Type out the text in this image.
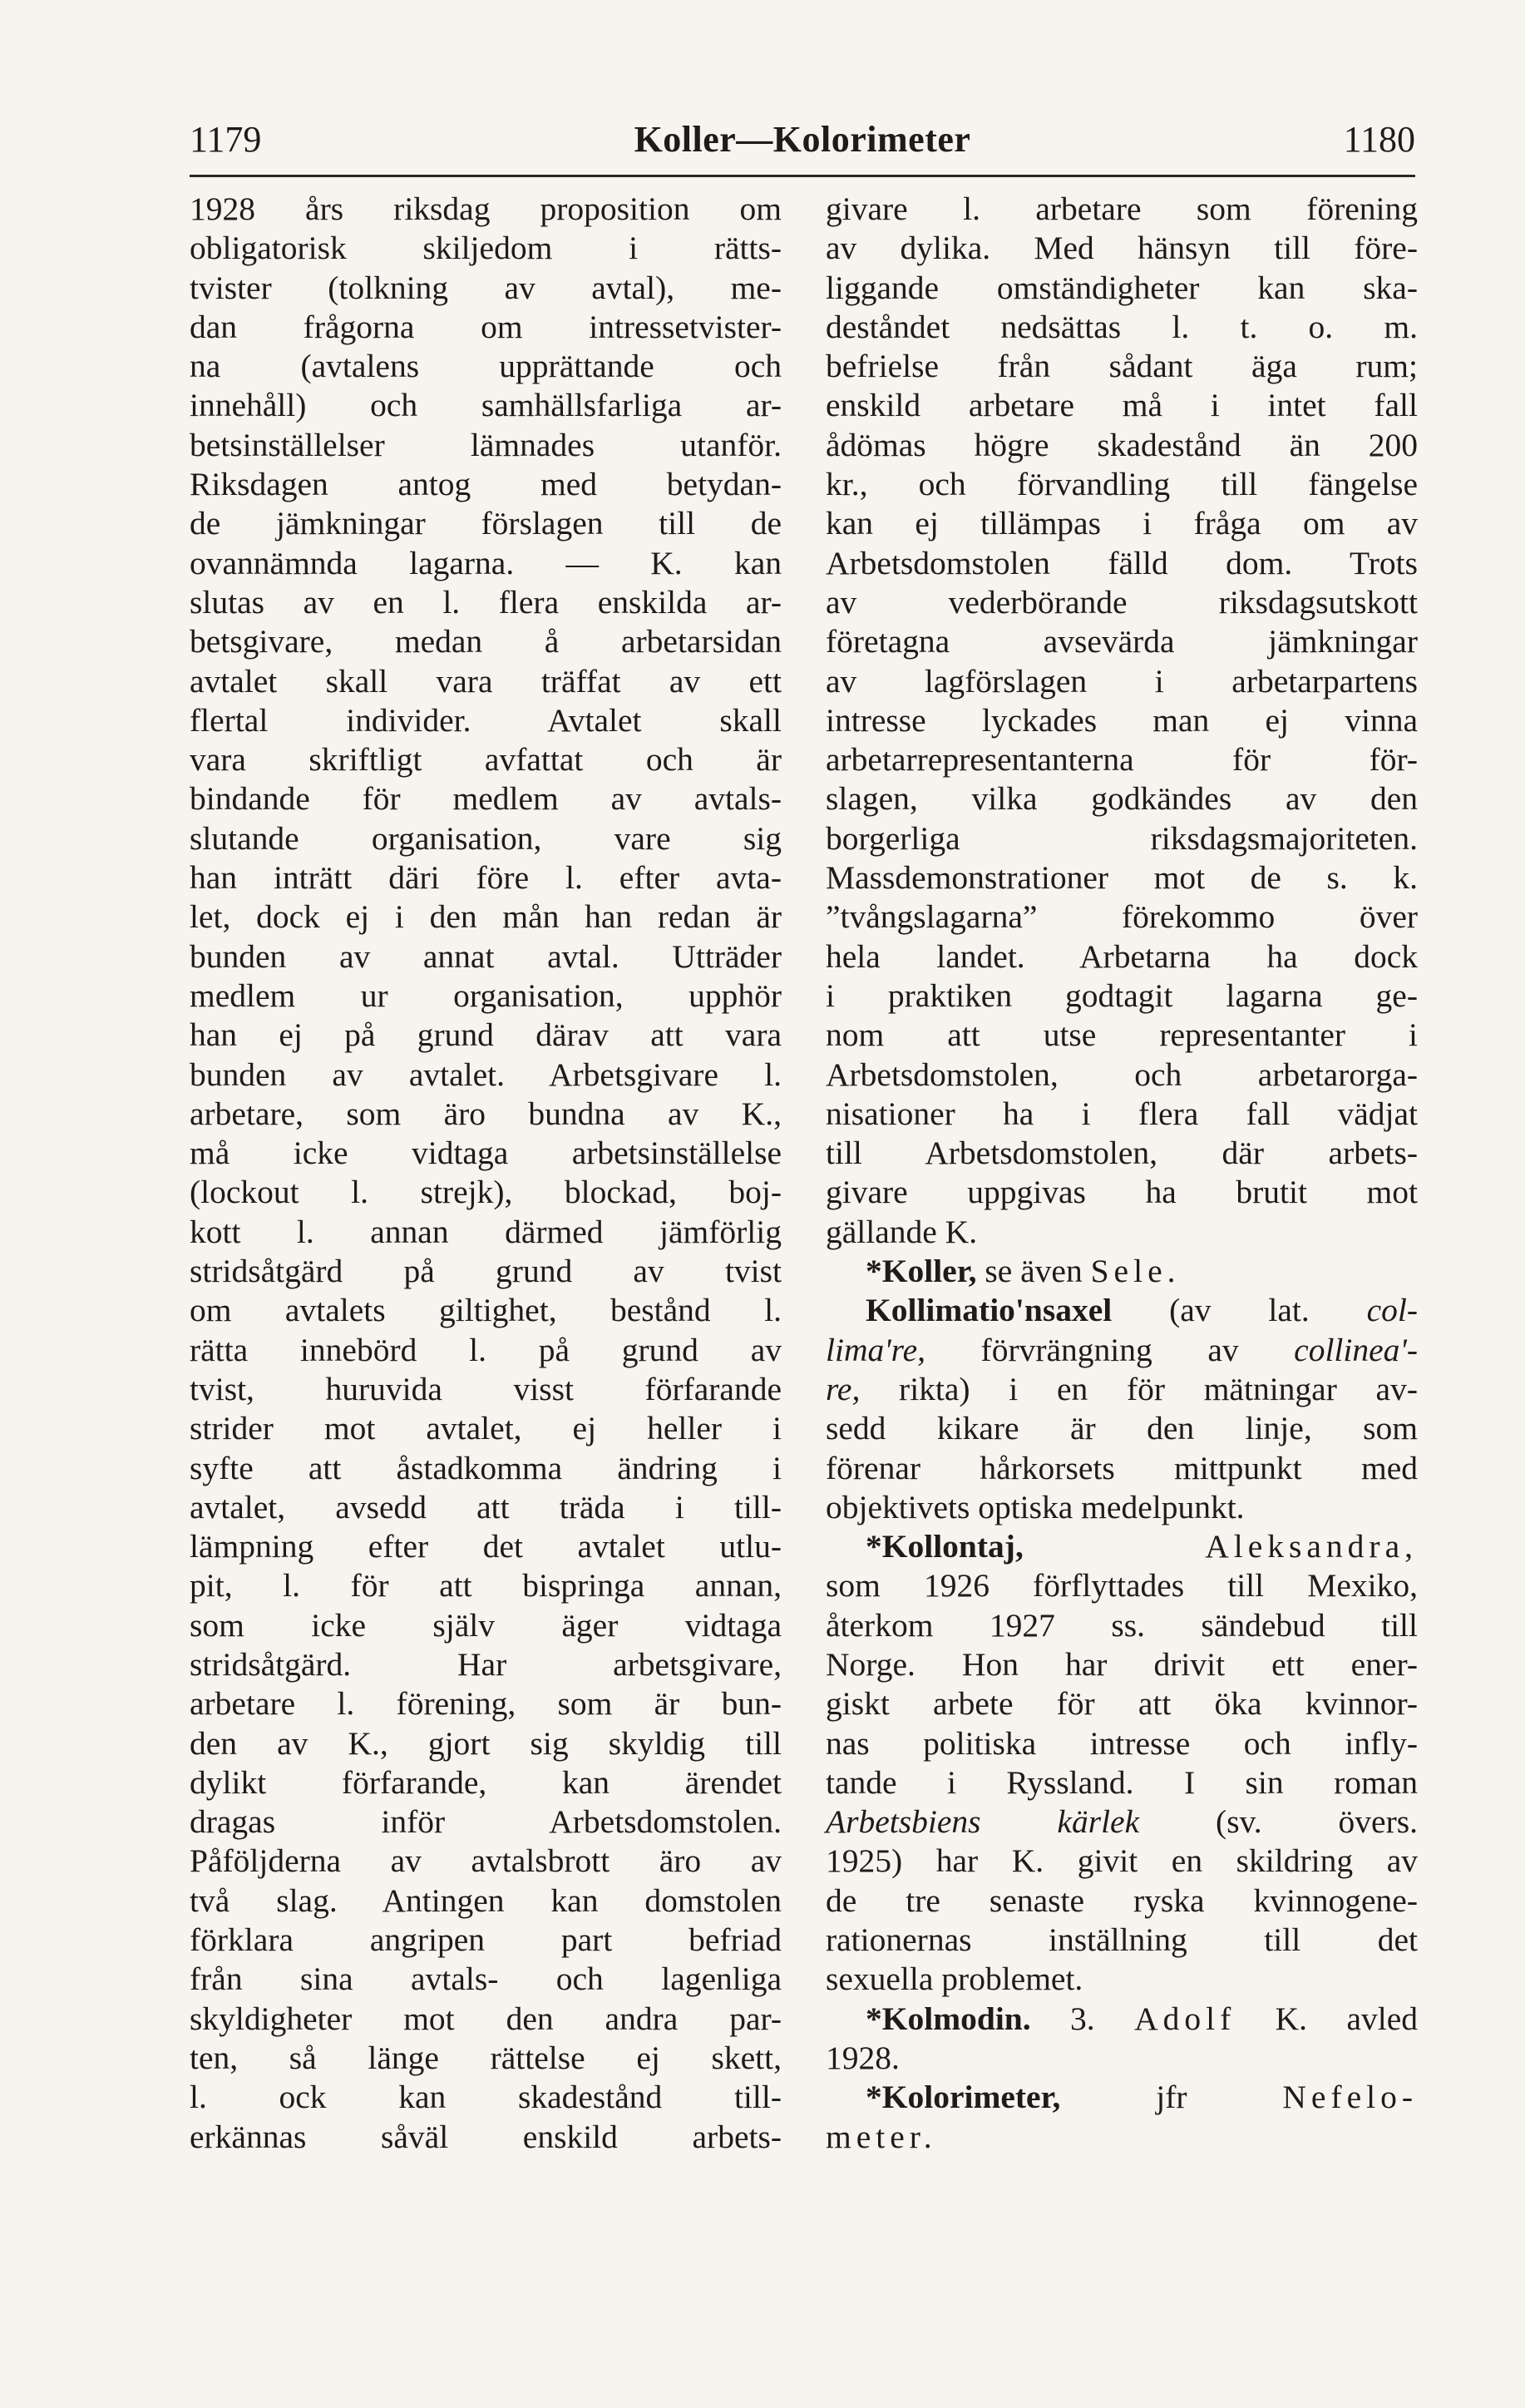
1179	Koller—Kolorimeter	1180
1928 års riksdag proposition om
obligatorisk skiljedom i rätts-
tvister (tolkning av avtal), me-
dan frågorna om intressetvister-
na (avtalens upprättande och
innehåll) och samhällsfarliga ar-
betsinställelser lämnades utanför.
Riksdagen antog med betydan-
de jämkningar förslagen till de
ovannämnda lagarna. — K. kan
slutas av en l. flera enskilda ar-
betsgivare, medan å arbetarsidan
avtalet skall vara träffat av ett
flertal individer. Avtalet skall
vara skriftligt avfattat och är
bindande för medlem av avtals-
slutande organisation, vare sig
han inträtt däri före l. efter avta-
let, dock ej i den mån han redan är
bunden av annat avtal. Utträder
medlem ur organisation, upphör
han ej på grund därav att vara
bunden av avtalet. Arbetsgivare l.
arbetare, som äro bundna av K.,
må icke vidtaga arbetsinställelse
(lockout l. strejk), blockad, boj-
kott l. annan därmed jämförlig
stridsåtgärd på grund av tvist
om avtalets giltighet, bestånd l.
rätta innebörd l. på grund av
tvist, huruvida visst förfarande
strider mot avtalet, ej heller i
syfte att åstadkomma ändring i
avtalet, avsedd att träda i till-
lämpning efter det avtalet utlu-
pit, l. för att bispringa annan,
som icke själv äger vidtaga
stridsåtgärd. Har arbetsgivare,
arbetare l. förening, som är bun-
den av K., gjort sig skyldig till
dylikt förfarande, kan ärendet
dragas inför Arbetsdomstolen.
Påföljderna av avtalsbrott äro av
två slag. Antingen kan domstolen
förklara angripen part befriad
från sina avtals- och lagenliga
skyldigheter mot den andra par-
ten, så länge rättelse ej skett,
l. ock kan skadestånd till-
erkännas såväl enskild arbets-
givare l. arbetare som förening
av dylika. Med hänsyn till före-
liggande omständigheter kan ska-
deståndet nedsättas l. t. o. m.
befrielse från sådant äga rum;
enskild arbetare må i intet fall
ådömas högre skadestånd än 200
kr., och förvandling till fängelse
kan ej tillämpas i fråga om av
Arbetsdomstolen fälld dom. Trots
av vederbörande riksdagsutskott
företagna avsevärda jämkningar
av lagförslagen i arbetarpartens
intresse lyckades man ej vinna
arbetarrepresentanterna för för-
slagen, vilka godkändes av den
borgerliga riksdagsmajoriteten.
Massdemonstrationer mot de s. k.
”tvångslagarna” förekommo över
hela landet. Arbetarna ha dock
i praktiken godtagit lagarna ge-
nom att utse representanter i
Arbetsdomstolen, och arbetarorga-
nisationer ha i flera fall vädjat
till Arbetsdomstolen, där arbets-
givare uppgivas ha brutit mot
gällande K.
*Koller, se även Sele.
Kollimatio'nsaxel (av lat. col-
lima're, förvrängning av collinea'-
re, rikta) i en för mätningar av-
sedd kikare är den linje, som
förenar hårkorsets mittpunkt med
objektivets optiska medelpunkt.
*Kollontaj,	Aleksandra,
som 1926 förflyttades till Mexiko,
återkom 1927 ss. sändebud till
Norge. Hon har drivit ett ener-
giskt arbete för att öka kvinnor-
nas politiska intresse och infly-
tande i Ryssland. I sin roman
Arbetsbiens kärlek (sv. övers.
1925) har K. givit en skildring av
de tre senaste ryska kvinnogene-
rationernas inställning till det
sexuella problemet.
*Kolmodin. 3. Adolf K. avled
1928.
*Kolorimeter, jfr Nefelo-
meter.
